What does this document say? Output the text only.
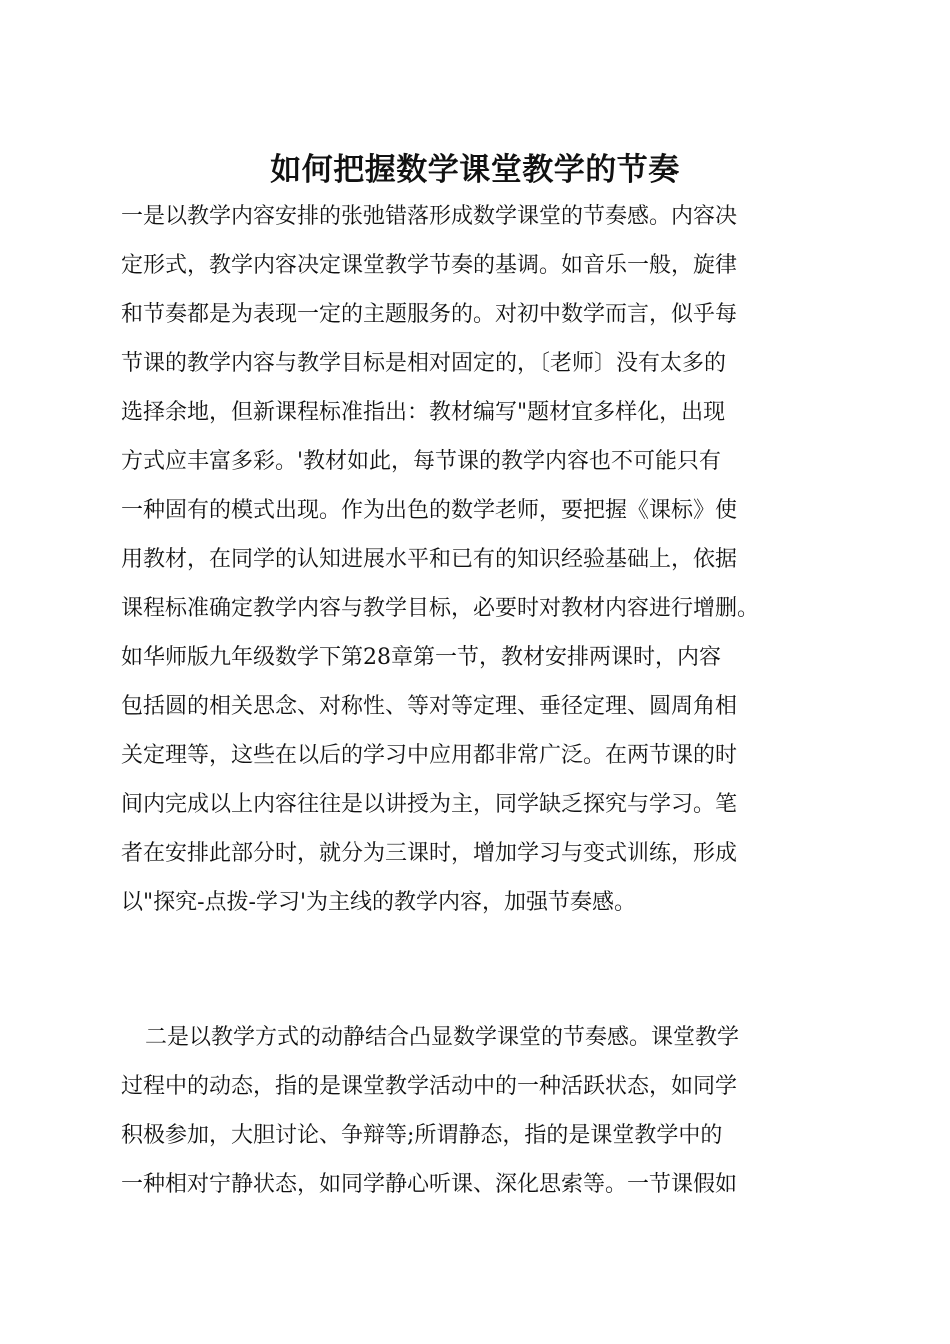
如何把握数学课堂教学的节奏
一是以教学内容安排的张弛错落形成数学课堂的节奏感。内容决
定形式，教学内容决定课堂教学节奏的基调。如音乐一般，旋律
和节奏都是为表现一定的主题服务的。对初中数学而言，似乎每
节课的教学内容与教学目标是相对固定的，〔老师〕没有太多的
选择余地，但新课程标准指出：教材编写"题材宜多样化，出现
方式应丰富多彩。'教材如此，每节课的教学内容也不可能只有
一种固有的模式出现。作为出色的数学老师，要把握《课标》使
用教材，在同学的认知进展水平和已有的知识经验基础上，依据
课程标准确定教学内容与教学目标，必要时对教材内容进行增删。
如华师版九年级数学下第28章第一节，教材安排两课时，内容
包括圆的相关思念、对称性、等对等定理、垂径定理、圆周角相
关定理等，这些在以后的学习中应用都非常广泛。在两节课的时
间内完成以上内容往往是以讲授为主，同学缺乏探究与学习。笔
者在安排此部分时，就分为三课时，增加学习与变式训练，形成
以"探究-点拨-学习'为主线的教学内容，加强节奏感。
二是以教学方式的动静结合凸显数学课堂的节奏感。课堂教学
过程中的动态，指的是课堂教学活动中的一种活跃状态，如同学
积极参加，大胆讨论、争辩等;所谓静态，指的是课堂教学中的
一种相对宁静状态，如同学静心听课、深化思索等。一节课假如
